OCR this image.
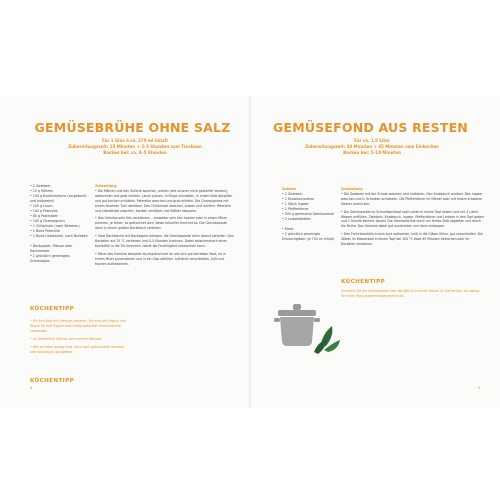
GEMÜSEBRÜHE OHNE SALZ
Für 1 Glas à ca. 270 ml Inhalt
Zubereitungszeit: 15 Minuten + 2–3 Stunden zum Trocknen
Backen bei: ca. 4–5 Stunden
• 2 Zwiebeln
• 10 g Möhren
• 100 g Knollensellerie (vorgekocht und halbweich)
• 100 g Lauch
• 100 g Petersilie
• 80 g Pastinaken
• 100 g Champignons
• 1 Chilischote (nach Belieben)
• 1 Bund Petersilie
• 1 Bund Liebstöckel, nach Belieben

• Backpapier, Messer oder Hackmesser
• 1 gründlich gereinigtes Schraubglas
Zubereitung

• Die Möhren und den Sellerie waschen, putzen (wie unserer nicht gewürfelt werden), abtrocknen und grob würfeln. Lauch putzen, in Ringe schneiden, in einem Sieb abspülen und gut trocken schütteln. Petersilie waschen und grob würfeln. Die Champignons mit einem feuchten Tuch abreiben. Den Chilischote waschen, putzen und würfeln. Petersilie und Liebstöckel waschen, trocken schütteln und Blätter abzupfen.

• Das Gemüse sehr fein zerkleinern – entweder sehr fein hacken oder in einem Mixer pürieren, je feiner, so getrocknet wird, desto schneller trocknet es. Die Gemüsepaste dann in einem großen Backblech verteilen.

• Zwei Backbleche mit Backpapier belegen, die Gemüsepaste dünn darauf verteilen. Den Backofen auf 70 °C vorheizen und 4–5 Stunden trocknen. Dabei zwischendurch einen Kochlöffel in die Tür klemmen, damit die Feuchtigkeit entweichen kann.

• Wenn das Gemüse komplett durchgetrocknet ist und sich gut zerreiben lässt, es in einem Mixer pulverisieren und in ein Glas abfüllen. Luftdicht verschließen, kühl und trocken aufbewahren.

KÜCHENTIPP

• Für Ihre Kost mit Gemüse variieren. Sie wird als Gewürz und Würze für Ihre Suppen statt fertig gekaufter Gemüsebrühe verwendet.

• Im Gefrierfach hält sie sich mehrere Monate.

• Wer es lieber würzig mag, kann noch getrocknete Tomaten oder Knoblauch dazugeben.

KÜCHENTIPP
8
GEMÜSEFOND AUS RESTEN
Für ca. 1,5 Liter
Zubereitungszeit: 30 Minuten + 45 Minuten zum Einkochen
Backen bei: 5–10 Minuten
Zutaten
• 2 Zwiebeln
• 2 Knoblauchzehen
• 1 Stück Ingwer
• 2 Pfefferkörner
• 500 g gemischte Gemüsereste
• 2 Lorbeerblätter

• Mixer
• 2 gründlich gereinigte Einmachgläser (je 750 ml Inhalt)
Zubereitung

• Die Zwiebeln mit der Schale waschen und halbieren. Den Knoblauch schälen. Den Ingwer waschen und in Scheiben schneiden. Die Pfefferkörner im Mörser oder mit einem schweren Messer andrücken.

• Die Gemüsereste im Schnellkochtopf nach unten in einem Topf setzen und mit 2 Litern Wasser auffüllen. Zwiebeln, Knoblauch, Ingwer, Pfefferkörner und Lorbeer in den Topf geben und 1 Stunde köcheln lassen. Die Gemüsebrühe durch ein feines Sieb abgießen und durch die Brühe. Das Gemüse dabei gut ausdrücken und dann entsorgen.

• Den Fond ebenfalls erneut kurz aufkochen, heiß in die Gläser füllen, gut verschließen. Die Gläser im Wasserbad in einem Topf bei 100 °C etwa 45 Minuten einkochen oder im Backofen einkochen.

KÜCHENTIPP

Sammeln Sie die Gemüsereste über die Woche in einem Beutel im Gefrierfach, bis genug für einen Fond zusammengekommen ist.

9
